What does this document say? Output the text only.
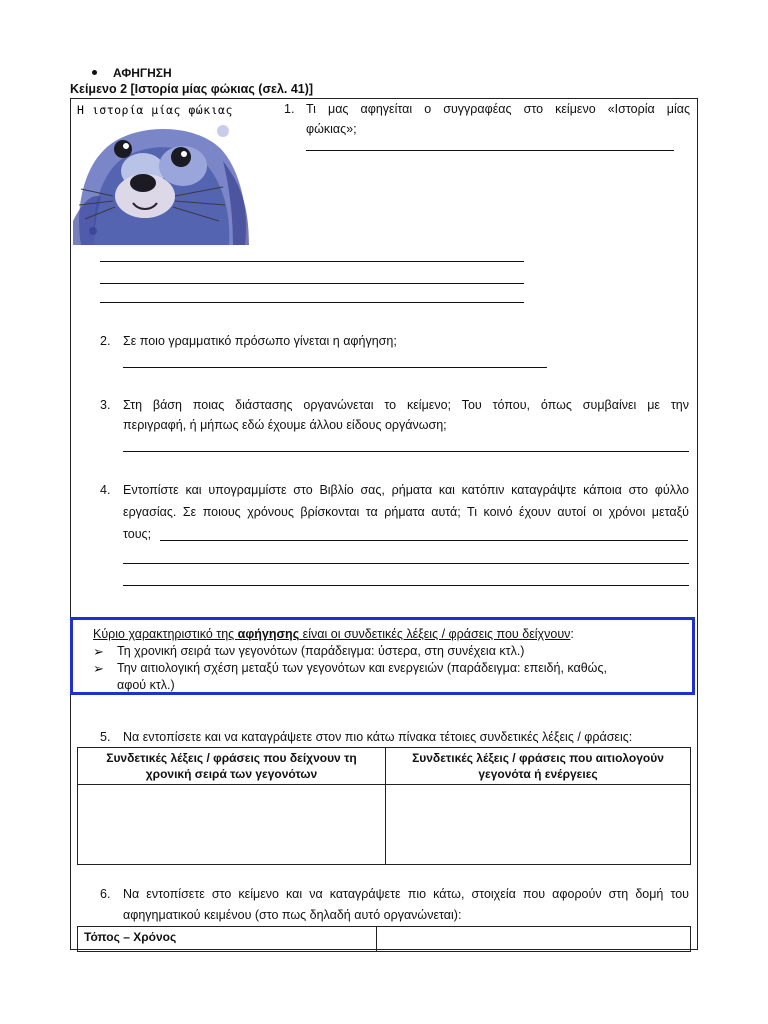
ΑΦΗΓΗΣΗ
Κείμενο 2 [Ιστορία μίας φώκιας (σελ. 41)]
Η ιστορία μίας φώκιας	1. Τι μας αφηγείται ο συγγραφέας στο κείμενο «Ιστορία μίας
φώκιας»;
2. Σε ποιο γραμματικό πρόσωπο γίνεται η αφήγηση;
3. Στη βάση ποιας διάστασης οργανώνεται το κείμενο; Του τόπου, όπως συμβαίνει με την
περιγραφή, ή μήπως εδώ έχουμε άλλου είδους οργάνωση;
4. Εντοπίστε και υπογραμμίστε στο Βιβλίο σας, ρήματα και κατόπιν καταγράψτε κάποια στο φύλλο
εργασίας. Σε ποιους χρόνους βρίσκονται τα ρήματα αυτά; Τι κοινό έχουν αυτοί οι χρόνοι μεταξύ
τους;
Κύριο χαρακτηριστικό της αφήγησης είναι οι συνδετικές λέξεις / φράσεις που δείχνουν:
➢ Τη χρονική σειρά των γεγονότων (παράδειγμα: ύστερα, στη συνέχεια κτλ.)
➢ Την αιτιολογική σχέση μεταξύ των γεγονότων και ενεργειών (παράδειγμα: επειδή, καθώς,
αφού κτλ.)
5. Να εντοπίσετε και να καταγράψετε στον πιο κάτω πίνακα τέτοιες συνδετικές λέξεις / φράσεις:
Συνδετικές λέξεις / φράσεις που δείχνουν τη
χρονική σειρά των γεγονότων	Συνδετικές λέξεις / φράσεις που αιτιολογούν
γεγονότα ή ενέργειες

6. Να εντοπίσετε στο κείμενο και να καταγράψετε πιο κάτω, στοιχεία που αφορούν στη δομή του
αφηγηματικού κειμένου (στο πως δηλαδή αυτό οργανώνεται):
Τόπος – Χρόνος	
